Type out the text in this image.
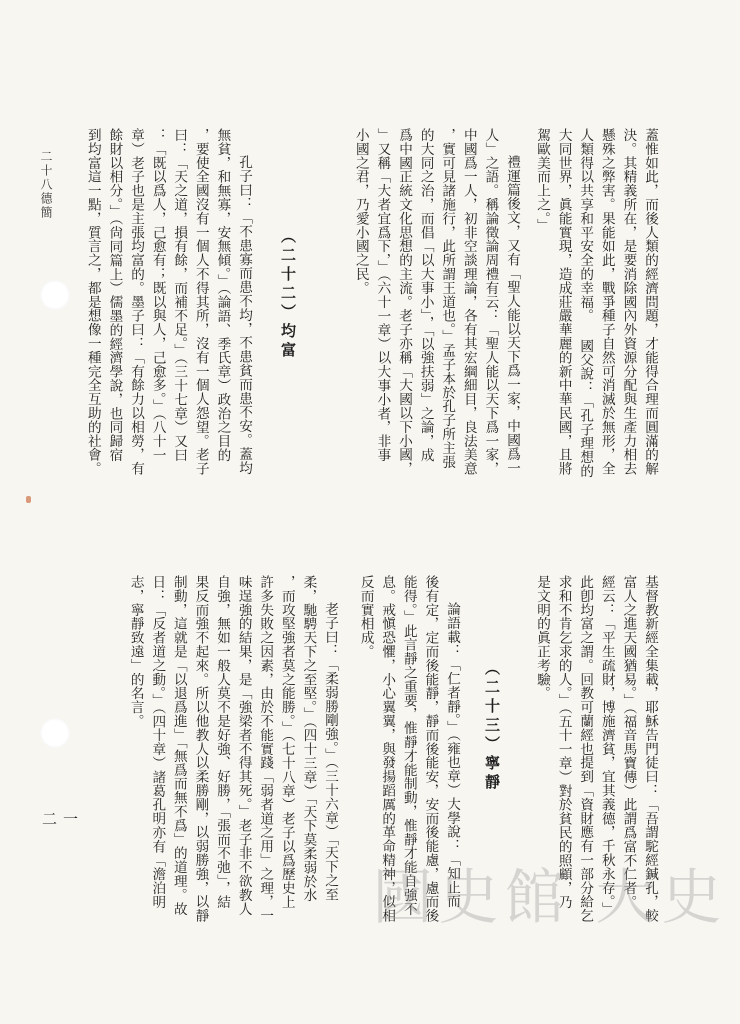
蓋惟如此，而後人類的經濟問題，才能得合理而圓滿的解

決。其精義所在，是要消除國內外資源分配與生產力相去

懸殊之弊害。果能如此，戰爭種子自然可消滅於無形，全

人類得以共享和平安全的幸福。 國父說：「孔子理想的

大同世界，眞能實現，造成莊嚴華麗的新中華民國，且將

駕歐美而上之。」

禮運篇後文，又有「聖人能以天下爲一家，中國爲一

人」之語。稱論徵論周禮有云：「聖人能以天下爲一家，

中國爲一人，初非空談理論，各有其宏綱細目，良法美意

，實可見諸施行，此所謂王道也。」孟子本於孔子所主張

的大同之治，而倡「以大事小」，「以強扶弱」之論，成

爲中國正統文化思想的主流。老子亦稱「大國以下小國，

」又稱「大者宜爲下，」（六十一章）以大事小者，非事

小國之君，乃愛小國之民。

（二十二）均富

孔子曰：「不患寡而患不均，不患貧而患不安。蓋均

無貧，和無寡，安無傾。」（論語、季氏章）政治之目的

，要使全國沒有一個人不得其所，沒有一個人怨望。老子

曰：「天之道，損有餘，而補不足。」（三十七章）又曰

：「既以爲人，己愈有；既以與人，己愈多。」（八十一

章）老子也是主張均富的。墨子曰：「有餘力以相勞，有

餘財以相分。」（尙同篇上）儒墨的經濟學說，也同歸宿

到均富這一點，質言之，都是想像一種完全互助的社會。

二十八德簡

基督教新經全集載，耶穌告門徒曰：「吾謂駝經鍼孔，較

富人之進天國猶易。」（福音馬寶傳）此謂爲富不仁者。

經云：「平生疏財，博施濟貧，宜其義德，千秋永存。」

此卽均富之謂。回教可蘭經也提到「資財應有一部分給乞

求和不肯乞求的人。」（五十一章）對於貧民的照顧，乃

是文明的眞正考驗。

（二十三）寧靜

論語載：「仁者靜。」（雍也章）大學說：「知止而

後有定，定而後能靜，靜而後能安，安而後能慮，慮而後

能得。」此言靜之重要，惟靜才能制動，惟靜才能自強不

息。戒愼恐懼，小心翼翼，與發揚蹈厲的革命精神，似相

反而實相成。

老子曰：「柔弱勝剛強。」（三十六章）「天下之至

柔，馳騁天下之至堅。」（四十三章）「天下莫柔弱於水

，而攻堅強者莫之能勝。」（七十八章）老子以爲歷史上

許多失敗之因素，由於不能實踐「弱者道之用」之理，一

味逞強的結果，是「強梁者不得其死。」老子非不欲教人

自強，無如一般人莫不是好強、好勝，「張而不弛」，結

果反而強不起來。所以他教人以柔勝剛，以弱勝強，以靜

制動，這就是「以退爲進」「無爲而無不爲」的道理。故

日：「反者道之動。」（四十章）諸葛孔明亦有「澹泊明

志，寧靜致遠」的名言。

二一
國史館 大史
